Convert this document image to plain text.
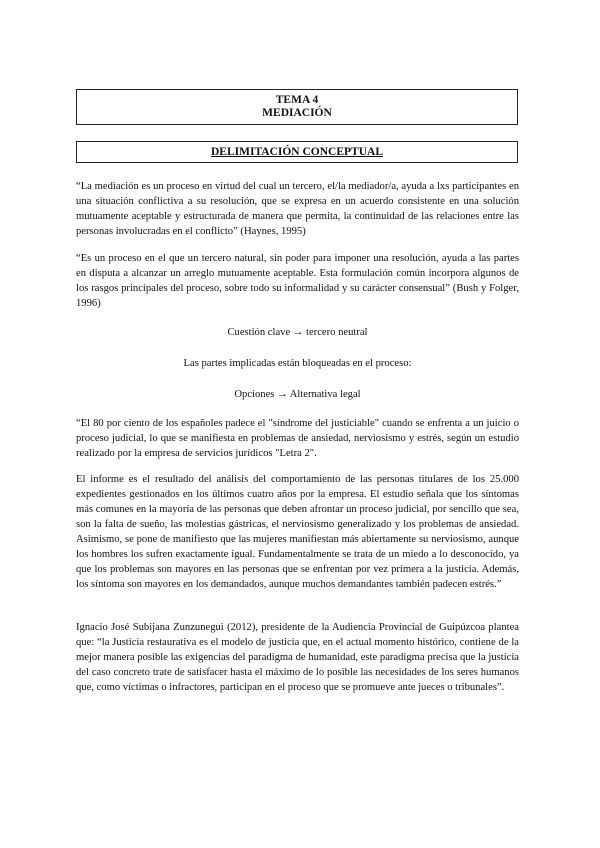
TEMA 4
MEDIACIÓN
DELIMITACIÓN CONCEPTUAL

“La mediación es un proceso en virtud del cual un tercero, el/la mediador/a, ayuda a lxs participantes en una situación conflictiva a su resolución, que se expresa en un acuerdo consistente en una solución mutuamente aceptable y estructurada de manera que permita, la continuidad de las relaciones entre las personas involucradas en el conflicto” (Haynes, 1995)

“Es un proceso en el que un tercero natural, sin poder para imponer una resolución, ayuda a las partes en disputa a alcanzar un arreglo mutuamente aceptable. Esta formulación común incorpora algunos de los rasgos principales del proceso, sobre todo su informalidad y su carácter consensual” (Bush y Folger, 1996)

Cuestión clave → tercero neutral

Las partes implicadas están bloqueadas en el proceso:

Opciones → Alternativa legal

“El 80 por ciento de los españoles padece el "síndrome del justiciable" cuando se enfrenta a un juicio o proceso judicial, lo que se manifiesta en problemas de ansiedad, nerviosismo y estrés, según un estudio realizado por la empresa de servicios jurídicos "Letra 2".

El informe es el resultado del análisis del comportamiento de las personas titulares de los 25.000 expedientes gestionados en los últimos cuatro años por la empresa. El estudio señala que los síntomas más comunes en la mayoría de las personas que deben afrontar un proceso judicial, por sencillo que sea, son la falta de sueño, las molestias gástricas, el nerviosismo generalizado y los problemas de ansiedad. Asimismo, se pone de manifiesto que las mujeres manifiestan más abiertamente su nerviosismo, aunque los hombres los sufren exactamente igual. Fundamentalmente se trata de un miedo a lo desconocido, ya que los problemas son mayores en las personas que se enfrentan por vez primera a la justicia. Además, los síntoma son mayores en los demandados, aunque muchos demandantes también padecen estrés.”

Ignacio José Subijana Zunzunegui (2012), presidente de la Audiencia Provincial de Guipúzcoa plantea que: “la Justicia restaurativa es el modelo de justicia que, en el actual momento histórico, contiene de la mejor manera posible las exigencias del paradigma de humanidad, este paradigma precisa que la justicia del caso concreto trate de satisfacer hasta el máximo de lo posible las necesidades de los seres humanos que, como víctimas o infractores, participan en el proceso que se promueve ante jueces o tribunales”.
